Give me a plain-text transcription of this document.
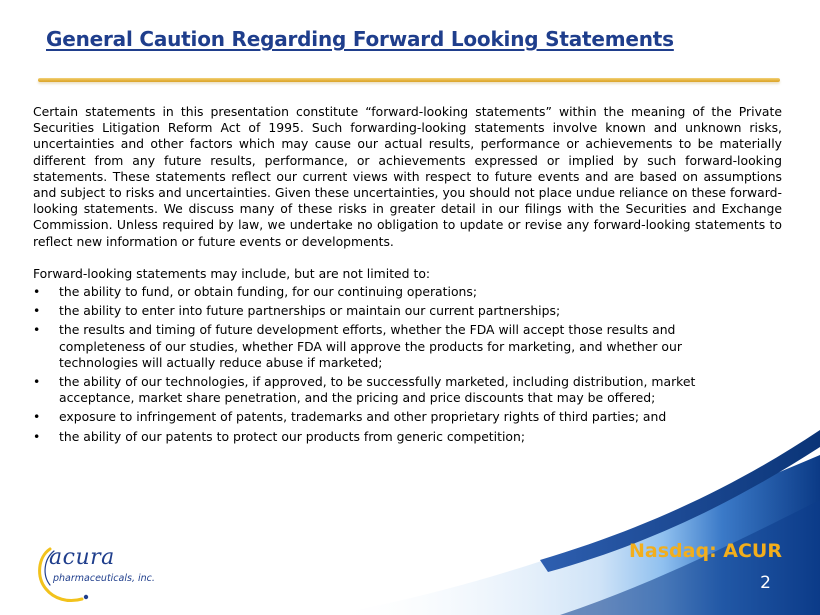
General Caution Regarding Forward Looking Statements

Certain statements in this presentation constitute “forward-looking statements” within the meaning of the Private Securities Litigation Reform Act of 1995. Such forwarding-looking statements involve known and unknown risks, uncertainties and other factors which may cause our actual results, performance or achievements to be materially different from any future results, performance, or achievements expressed or implied by such forward-looking statements. These statements reflect our current views with respect to future events and are based on assumptions and subject to risks and uncertainties. Given these uncertainties, you should not place undue reliance on these forward-looking statements. We discuss many of these risks in greater detail in our filings with the Securities and Exchange Commission. Unless required by law, we undertake no obligation to update or revise any forward-looking statements to reflect new information or future events or developments.

Forward-looking statements may include, but are not limited to:

• the ability to fund, or obtain funding, for our continuing operations;
• the ability to enter into future partnerships or maintain our current partnerships;
• the results and timing of future development efforts, whether the FDA will accept those results and completeness of our studies, whether FDA will approve the products for marketing, and whether our technologies will actually reduce abuse if marketed;
• the ability of our technologies, if approved, to be successfully marketed, including distribution, market acceptance, market share penetration, and the pricing and price discounts that may be offered;
• exposure to infringement of patents, trademarks and other proprietary rights of third parties; and
• the ability of our patents to protect our products from generic competition;
acura
pharmaceuticals, inc.
Nasdaq: ACUR
2
